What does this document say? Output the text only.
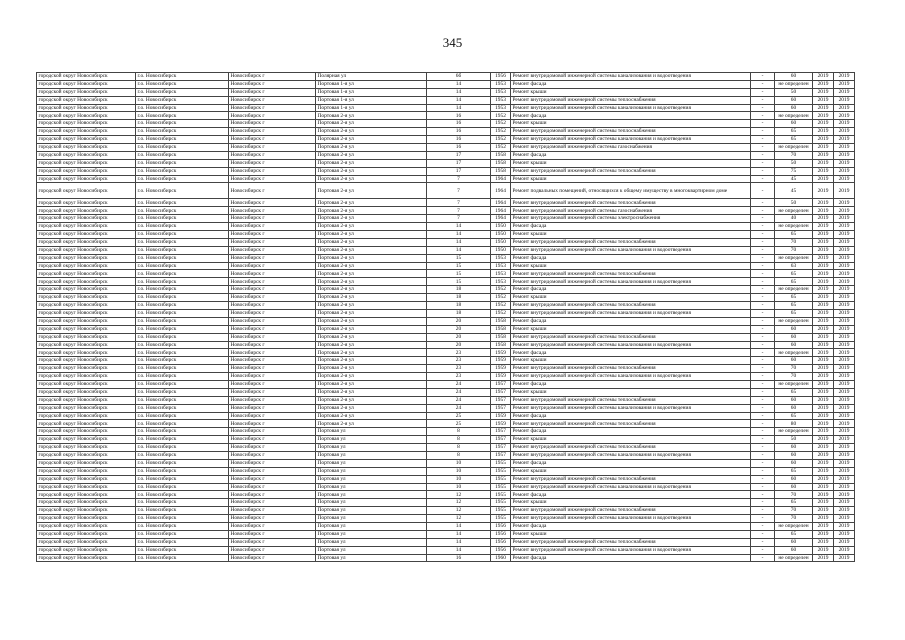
345
городской округ Новосибирск	г.о. Новосибирск	Новосибирск г	Полярная ул	6б	1956	Ремонт внутридомовой инженерной системы канализования и водоотведения	-	60	2019	2019
городской округ Новосибирск	г.о. Новосибирск	Новосибирск г	Портовая 1-я ул	14	1953	Ремонт фасада	-	не определен	2019	2019
городской округ Новосибирск	г.о. Новосибирск	Новосибирск г	Портовая 1-я ул	14	1953	Ремонт крыши	-	50	2019	2019
городской округ Новосибирск	г.о. Новосибирск	Новосибирск г	Портовая 1-я ул	14	1953	Ремонт внутридомовой инженерной системы теплоснабжения	-	60	2019	2019
городской округ Новосибирск	г.о. Новосибирск	Новосибирск г	Портовая 1-я ул	14	1953	Ремонт внутридомовой инженерной системы канализования и водоотведения	-	60	2019	2019
городской округ Новосибирск	г.о. Новосибирск	Новосибирск г	Портовая 2-я ул	16	1952	Ремонт фасада	-	не определен	2019	2019
городской округ Новосибирск	г.о. Новосибирск	Новосибирск г	Портовая 2-я ул	16	1952	Ремонт крыши	-	60	2019	2019
городской округ Новосибирск	г.о. Новосибирск	Новосибирск г	Портовая 2-я ул	16	1952	Ремонт внутридомовой инженерной системы теплоснабжения	-	65	2019	2019
городской округ Новосибирск	г.о. Новосибирск	Новосибирск г	Портовая 2-я ул	16	1952	Ремонт внутридомовой инженерной системы канализования и водоотведения	-	65	2019	2019
городской округ Новосибирск	г.о. Новосибирск	Новосибирск г	Портовая 2-я ул	16	1952	Ремонт внутридомовой инженерной системы газоснабжения	-	не определен	2019	2019
городской округ Новосибирск	г.о. Новосибирск	Новосибирск г	Портовая 2-я ул	17	1958	Ремонт фасада	-	70	2019	2019
городской округ Новосибирск	г.о. Новосибирск	Новосибирск г	Портовая 2-я ул	17	1958	Ремонт крыши	-	50	2019	2019
городской округ Новосибирск	г.о. Новосибирск	Новосибирск г	Портовая 2-я ул	17	1958	Ремонт внутридомовой инженерной системы теплоснабжения	-	75	2019	2019
городской округ Новосибирск	г.о. Новосибирск	Новосибирск г	Портовая 2-я ул	7	1964	Ремонт крыши	-	45	2019	2019
городской округ Новосибирск	г.о. Новосибирск	Новосибирск г	Портовая 2-я ул	7	1964	Ремонт подвальных помещений, относящихся к общему имуществу в многоквартирном доме	-	45	2019	2019
городской округ Новосибирск	г.о. Новосибирск	Новосибирск г	Портовая 2-я ул	7	1964	Ремонт внутридомовой инженерной системы теплоснабжения	-	50	2019	2019
городской округ Новосибирск	г.о. Новосибирск	Новосибирск г	Портовая 2-я ул	7	1964	Ремонт внутридомовой инженерной системы газоснабжения	-	не определен	2019	2019
городской округ Новосибирск	г.о. Новосибирск	Новосибирск г	Портовая 2-я ул	7	1964	Ремонт внутридомовой инженерной системы электроснабжения	-	40	2019	2019
городской округ Новосибирск	г.о. Новосибирск	Новосибирск г	Портовая 2-я ул	14	1950	Ремонт фасада	-	не определен	2019	2019
городской округ Новосибирск	г.о. Новосибирск	Новосибирск г	Портовая 2-я ул	14	1950	Ремонт крыши	-	65	2019	2019
городской округ Новосибирск	г.о. Новосибирск	Новосибирск г	Портовая 2-я ул	14	1950	Ремонт внутридомовой инженерной системы теплоснабжения	-	70	2019	2019
городской округ Новосибирск	г.о. Новосибирск	Новосибирск г	Портовая 2-я ул	14	1950	Ремонт внутридомовой инженерной системы канализования и водоотведения	-	70	2019	2019
городской округ Новосибирск	г.о. Новосибирск	Новосибирск г	Портовая 2-я ул	15	1953	Ремонт фасада	-	не определен	2019	2019
городской округ Новосибирск	г.о. Новосибирск	Новосибирск г	Портовая 2-я ул	15	1953	Ремонт крыши	-	63	2019	2019
городской округ Новосибирск	г.о. Новосибирск	Новосибирск г	Портовая 2-я ул	15	1953	Ремонт внутридомовой инженерной системы теплоснабжения	-	65	2019	2019
городской округ Новосибирск	г.о. Новосибирск	Новосибирск г	Портовая 2-я ул	15	1953	Ремонт внутридомовой инженерной системы канализования и водоотведения	-	65	2019	2019
городской округ Новосибирск	г.о. Новосибирск	Новосибирск г	Портовая 2-я ул	18	1952	Ремонт фасада	-	не определен	2019	2019
городской округ Новосибирск	г.о. Новосибирск	Новосибирск г	Портовая 2-я ул	18	1952	Ремонт крыши	-	65	2019	2019
городской округ Новосибирск	г.о. Новосибирск	Новосибирск г	Портовая 2-я ул	18	1952	Ремонт внутридомовой инженерной системы теплоснабжения	-	65	2019	2019
городской округ Новосибирск	г.о. Новосибирск	Новосибирск г	Портовая 2-я ул	18	1952	Ремонт внутридомовой инженерной системы канализования и водоотведения	-	65	2019	2019
городской округ Новосибирск	г.о. Новосибирск	Новосибирск г	Портовая 2-я ул	20	1958	Ремонт фасада	-	не определен	2019	2019
городской округ Новосибирск	г.о. Новосибирск	Новосибирск г	Портовая 2-я ул	20	1958	Ремонт крыши	-	60	2019	2019
городской округ Новосибирск	г.о. Новосибирск	Новосибирск г	Портовая 2-я ул	20	1958	Ремонт внутридомовой инженерной системы теплоснабжения	-	60	2019	2019
городской округ Новосибирск	г.о. Новосибирск	Новосибирск г	Портовая 2-я ул	20	1958	Ремонт внутридомовой инженерной системы канализования и водоотведения	-	60	2019	2019
городской округ Новосибирск	г.о. Новосибирск	Новосибирск г	Портовая 2-я ул	23	1959	Ремонт фасада	-	не определен	2019	2019
городской округ Новосибирск	г.о. Новосибирск	Новосибирск г	Портовая 2-я ул	23	1959	Ремонт крыши	-	60	2019	2019
городской округ Новосибирск	г.о. Новосибирск	Новосибирск г	Портовая 2-я ул	23	1959	Ремонт внутридомовой инженерной системы теплоснабжения	-	70	2019	2019
городской округ Новосибирск	г.о. Новосибирск	Новосибирск г	Портовая 2-я ул	23	1959	Ремонт внутридомовой инженерной системы канализования и водоотведения	-	70	2019	2019
городской округ Новосибирск	г.о. Новосибирск	Новосибирск г	Портовая 2-я ул	24	1957	Ремонт фасада	-	не определен	2019	2019
городской округ Новосибирск	г.о. Новосибирск	Новосибирск г	Портовая 2-я ул	24	1957	Ремонт крыши	-	65	2019	2019
городской округ Новосибирск	г.о. Новосибирск	Новосибирск г	Портовая 2-я ул	24	1957	Ремонт внутридомовой инженерной системы теплоснабжения	-	60	2019	2019
городской округ Новосибирск	г.о. Новосибирск	Новосибирск г	Портовая 2-я ул	24	1957	Ремонт внутридомовой инженерной системы канализования и водоотведения	-	60	2019	2019
городской округ Новосибирск	г.о. Новосибирск	Новосибирск г	Портовая 2-я ул	25	1959	Ремонт фасада	-	65	2019	2019
городской округ Новосибирск	г.о. Новосибирск	Новосибирск г	Портовая 2-я ул	25	1959	Ремонт внутридомовой инженерной системы теплоснабжения	-	80	2019	2019
городской округ Новосибирск	г.о. Новосибирск	Новосибирск г	Портовая ул	8	1957	Ремонт фасада	-	не определен	2019	2019
городской округ Новосибирск	г.о. Новосибирск	Новосибирск г	Портовая ул	8	1957	Ремонт крыши	-	50	2019	2019
городской округ Новосибирск	г.о. Новосибирск	Новосибирск г	Портовая ул	8	1957	Ремонт внутридомовой инженерной системы теплоснабжения	-	60	2019	2019
городской округ Новосибирск	г.о. Новосибирск	Новосибирск г	Портовая ул	8	1957	Ремонт внутридомовой инженерной системы канализования и водоотведения	-	60	2019	2019
городской округ Новосибирск	г.о. Новосибирск	Новосибирск г	Портовая ул	10	1955	Ремонт фасада	-	60	2019	2019
городской округ Новосибирск	г.о. Новосибирск	Новосибирск г	Портовая ул	10	1955	Ремонт крыши	-	65	2019	2019
городской округ Новосибирск	г.о. Новосибирск	Новосибирск г	Портовая ул	10	1955	Ремонт внутридомовой инженерной системы теплоснабжения	-	60	2019	2019
городской округ Новосибирск	г.о. Новосибирск	Новосибирск г	Портовая ул	10	1955	Ремонт внутридомовой инженерной системы канализования и водоотведения	-	60	2019	2019
городской округ Новосибирск	г.о. Новосибирск	Новосибирск г	Портовая ул	12	1955	Ремонт фасада	-	70	2019	2019
городской округ Новосибирск	г.о. Новосибирск	Новосибирск г	Портовая ул	12	1955	Ремонт крыши	-	65	2019	2019
городской округ Новосибирск	г.о. Новосибирск	Новосибирск г	Портовая ул	12	1955	Ремонт внутридомовой инженерной системы теплоснабжения	-	70	2019	2019
городской округ Новосибирск	г.о. Новосибирск	Новосибирск г	Портовая ул	12	1955	Ремонт внутридомовой инженерной системы канализования и водоотведения	-	70	2019	2019
городской округ Новосибирск	г.о. Новосибирск	Новосибирск г	Портовая ул	14	1956	Ремонт фасада	-	не определен	2019	2019
городской округ Новосибирск	г.о. Новосибирск	Новосибирск г	Портовая ул	14	1956	Ремонт крыши	-	65	2019	2019
городской округ Новосибирск	г.о. Новосибирск	Новосибирск г	Портовая ул	14	1956	Ремонт внутридомовой инженерной системы теплоснабжения	-	60	2019	2019
городской округ Новосибирск	г.о. Новосибирск	Новосибирск г	Портовая ул	14	1956	Ремонт внутридомовой инженерной системы канализования и водоотведения	-	60	2019	2019
городской округ Новосибирск	г.о. Новосибирск	Новосибирск г	Портовая ул	16	1960	Ремонт фасада	-	не определен	2019	2019
